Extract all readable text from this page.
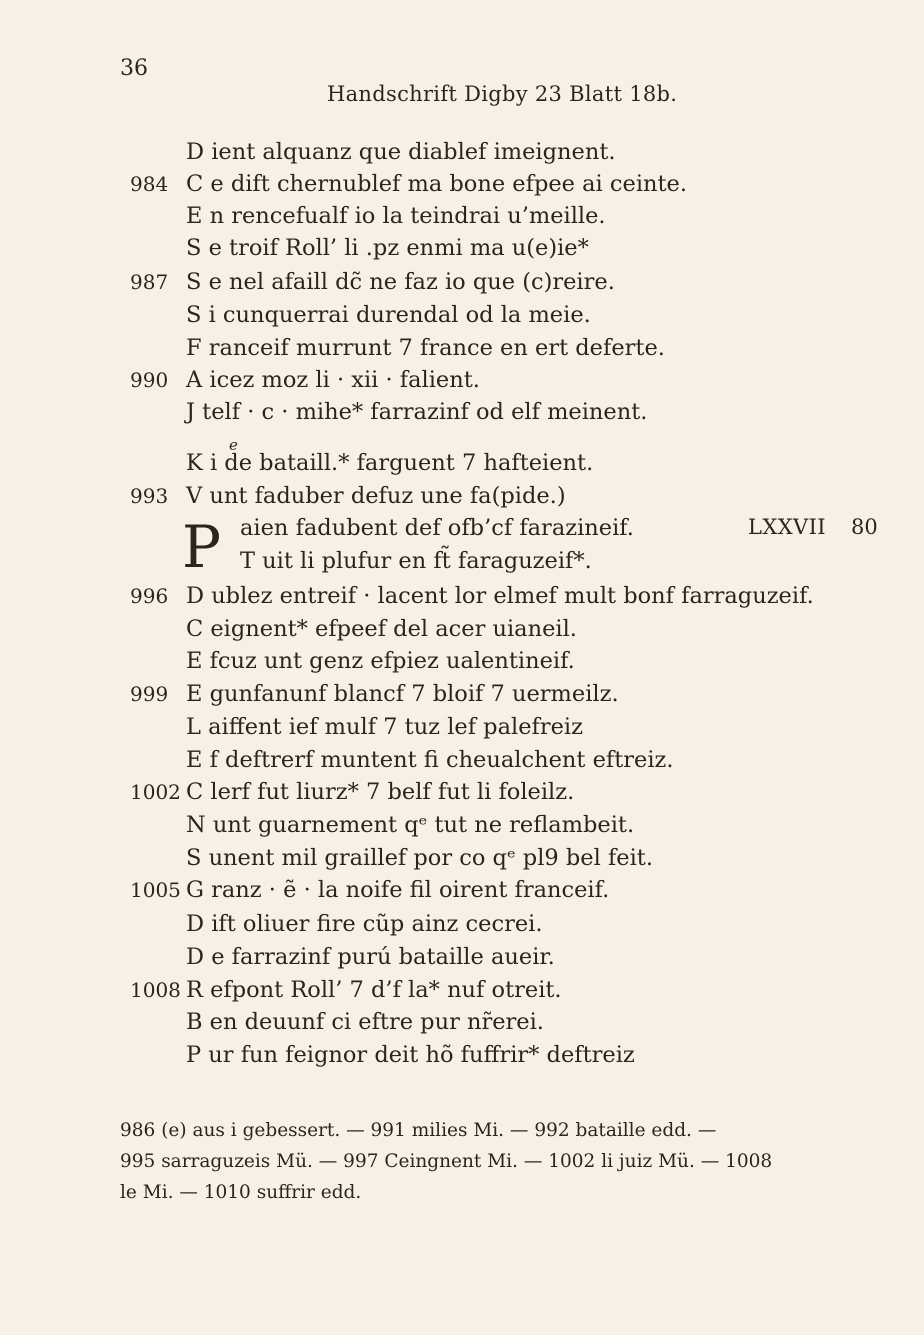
36
Handschrift Digby 23 Blatt 18b.
D ient alquanz que diablef imeignent.
984 C e dift chernublef ma bone efpee ai ceinte.
E n rencefualf io la teindrai u’meille.
S e troif Roll’ li .pz enmi ma u(e)ie*
987 S e nel afaill dc̃ ne faz io que (c)reire.
S i cunquerrai durendal od la meie.
F ranceif murrunt 7 france en ert deferte.
990 A icez moz li · xii · falient.
J telf · c · mihe* farrazinf od elf meinent.
K i de bataill.* farguent 7 hafteient.
993 V unt faduber defuz une fa(pide.)
aien fadubent def ofb’cf farazineif.
T uit li plufur en ft̃ faraguzeif*.
996 D ublez entreif · lacent lor elmef mult bonf farraguzeif.
C eignent* efpeef del acer uianeil.
E fcuz unt genz efpiez ualentineif.
999 E gunfanunf blancf 7 bloif 7 uermeilz.
L aiffent ief mulf 7 tuz lef palefreiz
E f deftrerf muntent fi cheualchent eftreiz.
1002 C lerf fut liurz* 7 belf fut li foleilz.
N unt guarnement qᵉ tut ne reflambeit.
S unent mil graillef por co qᵉ pl9 bel feit.
1005 G ranz · ẽ · la noife fil oirent franceif.
D ift oliuer fire cũp ainz cecrei.
D e farrazinf purú bataille aueir.
1008 R efpont Roll’ 7 d’f la* nuf otreit.
B en deuunf ci eftre pur nr̃erei.
P ur fun feignor deit hõ fuffrir* deftreiz
P
e
LXXVII 80
986 (e) aus i gebessert. — 991 milies Mi. — 992 bataille edd. —
995 sarraguzeis Mü. — 997 Ceingnent Mi. — 1002 li juiz Mü. — 1008
le Mi. — 1010 suffrir edd.
